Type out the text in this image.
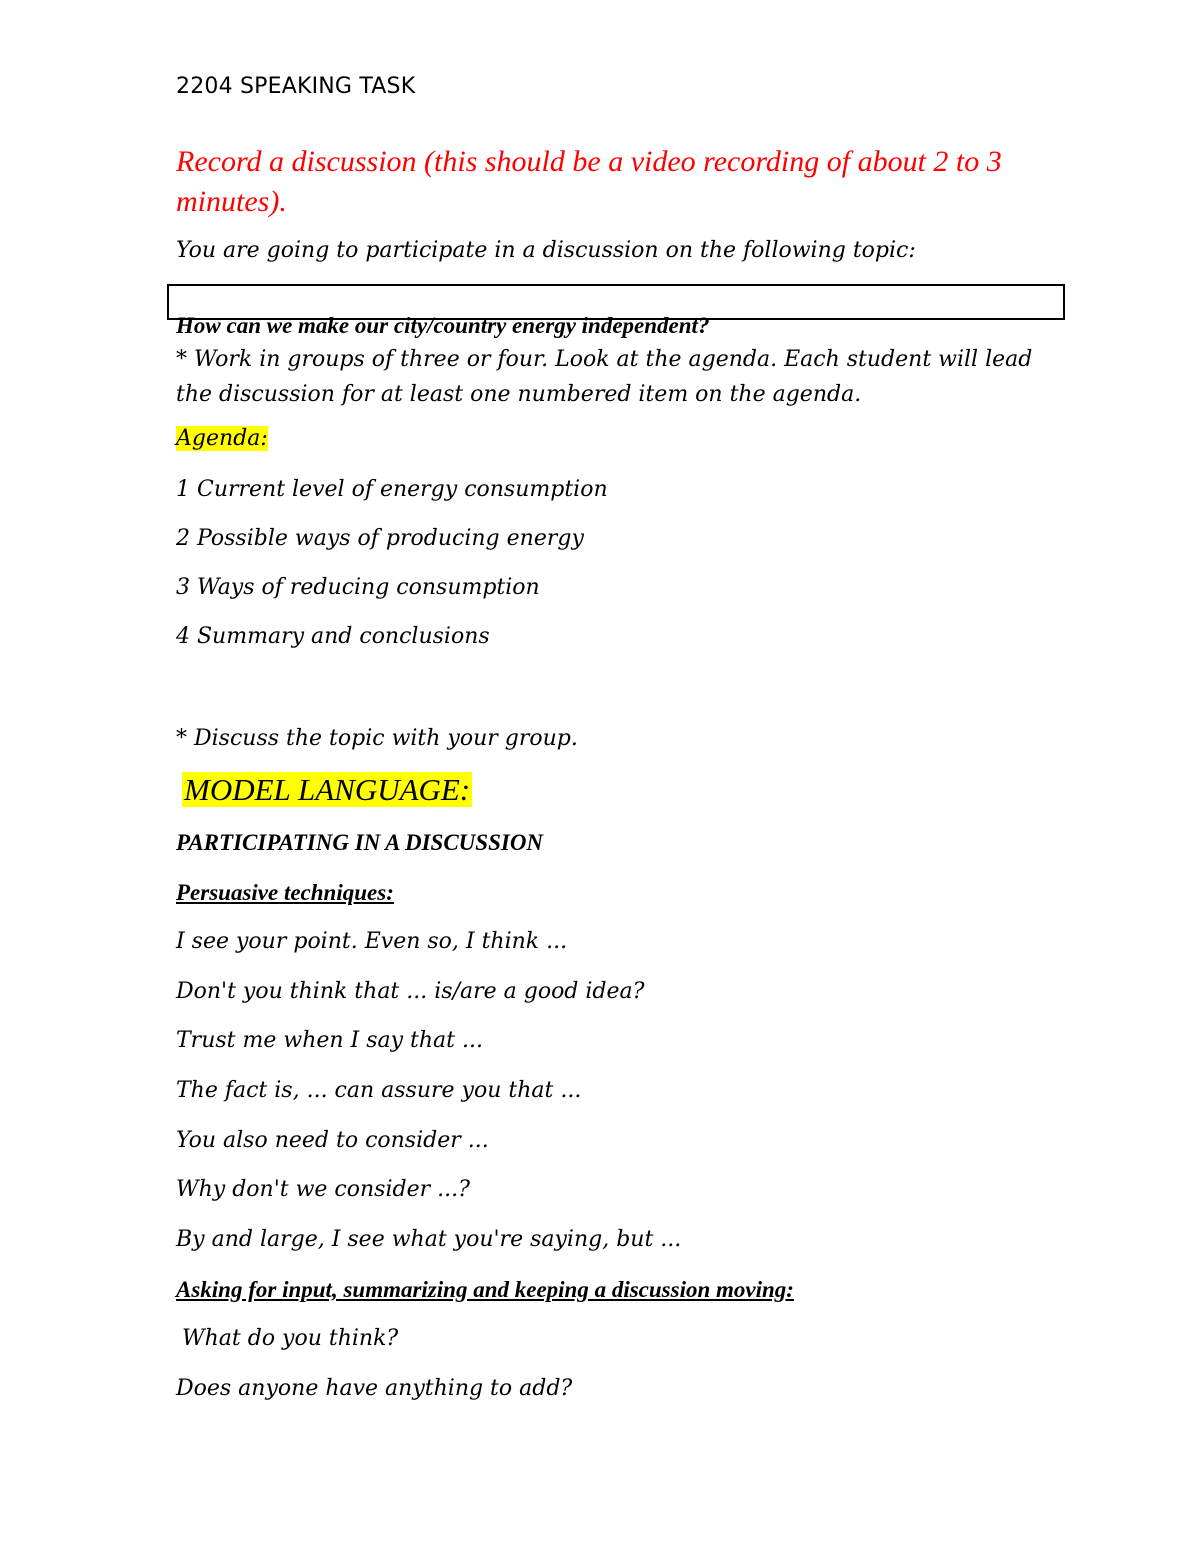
2204 SPEAKING TASK

Record a discussion (this should be a video recording of about 2 to 3 minutes).

You are going to participate in a discussion on the following topic:

How can we make our city/country energy independent?

* Work in groups of three or four. Look at the agenda. Each student will lead the discussion for at least one numbered item on the agenda.

Agenda:

1 Current level of energy consumption

2 Possible ways of producing energy

3 Ways of reducing consumption

4 Summary and conclusions

* Discuss the topic with your group.

MODEL LANGUAGE:

PARTICIPATING IN A DISCUSSION

Persuasive techniques:

I see your point. Even so, I think ...

Don't you think that ... is/are a good idea?

Trust me when I say that ...

The fact is, ... can assure you that ...

You also need to consider ...

Why don't we consider ...?

By and large, I see what you're saying, but ...

Asking for input, summarizing and keeping a discussion moving:

What do you think?

Does anyone have anything to add?
